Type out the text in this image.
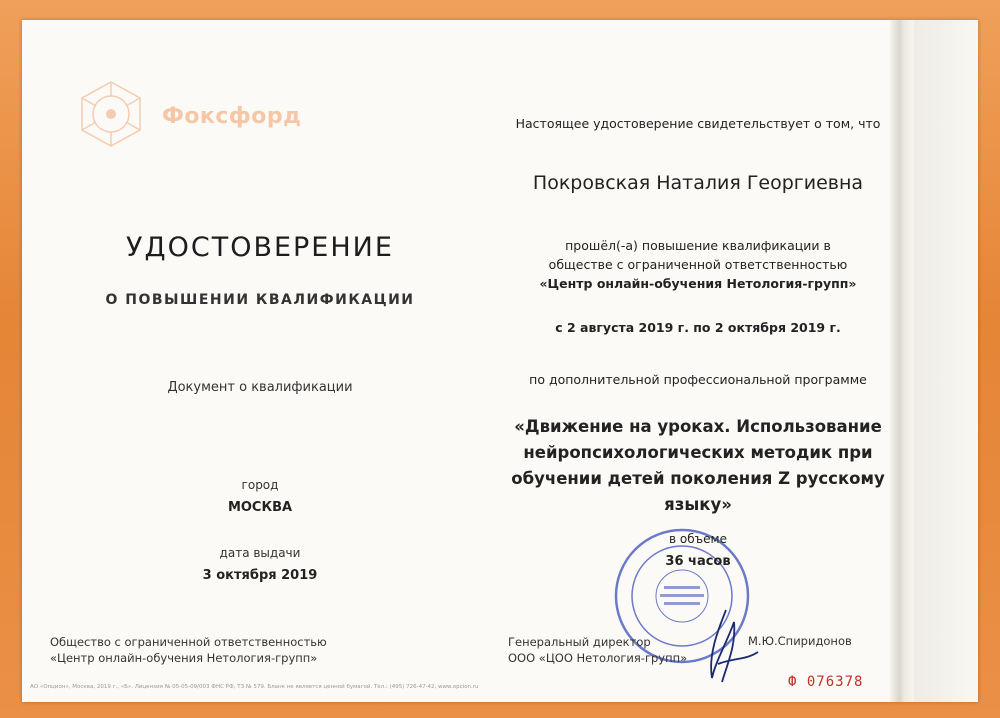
Фоксфорд
УДОСТОВЕРЕНИЕ
О ПОВЫШЕНИИ КВАЛИФИКАЦИИ
Документ о квалификации
город
МОСКВА
дата выдачи
3 октября 2019
Общество с ограниченной ответственностью
«Центр онлайн-обучения Нетология-групп»
АО «Опцион», Москва, 2019 г., «Б». Лицензия № 05-05-09/003 ФНС РФ, ТЗ № 579. Бланк не является ценной бумагой. Тел.: (495) 726-47-42, www.opcion.ru
Настоящее удостоверение свидетельствует о том, что
Покровская Наталия Георгиевна
прошёл(-а) повышение квалификации в
обществе с ограниченной ответственностью
«Центр онлайн-обучения Нетология-групп»
с 2 августа 2019 г. по 2 октября 2019 г.
по дополнительной профессиональной программе
«Движение на уроках. Использование
нейропсихологических методик при
обучении детей поколения Z русскому
языку»
в объеме
36 часов
Генеральный директор
ООО «ЦОО Нетология-групп»
М.Ю.Спиридонов
Ф 076378
